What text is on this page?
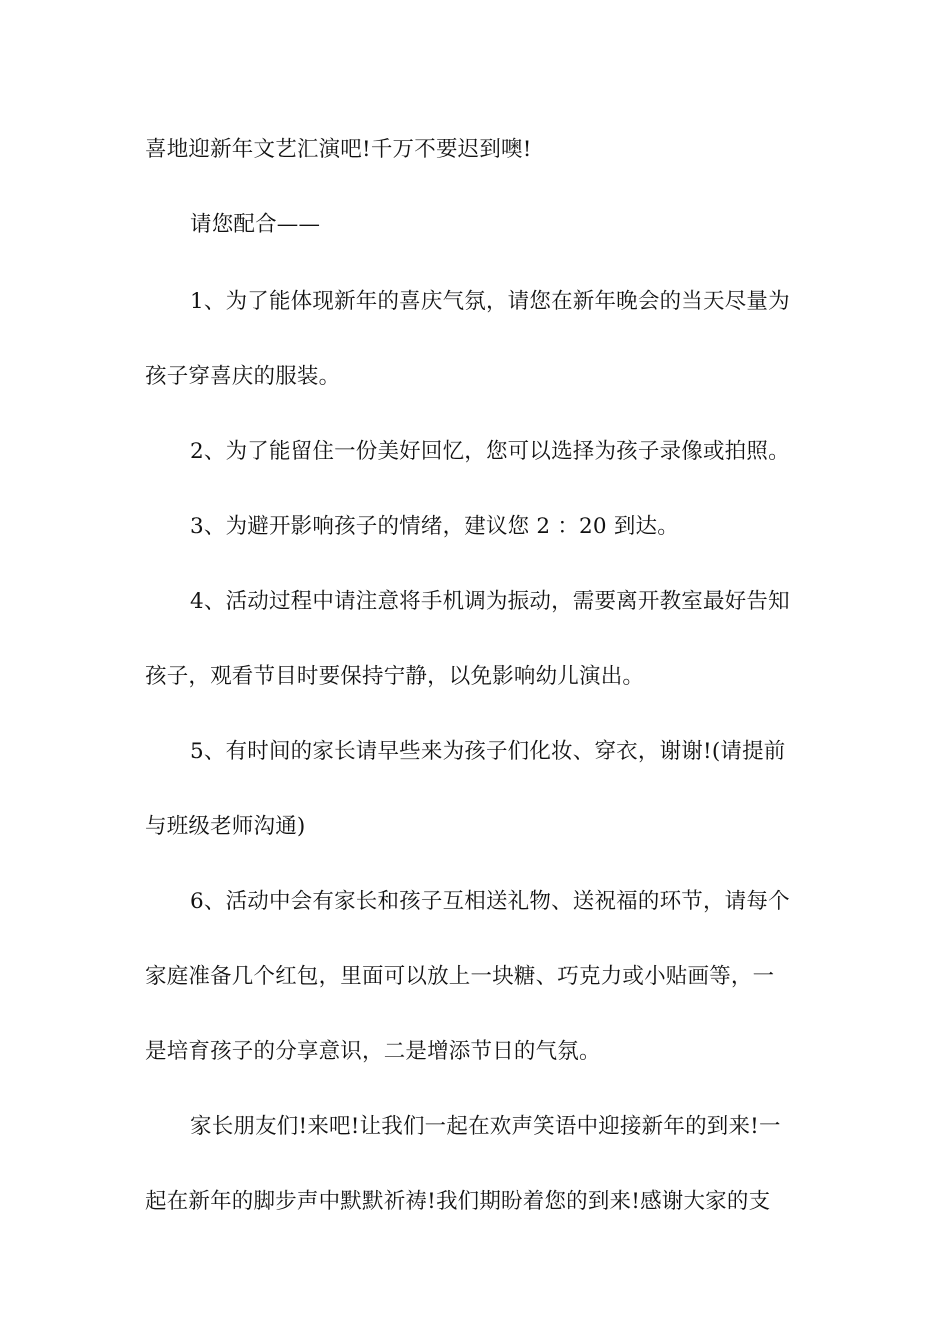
喜地迎新年文艺汇演吧!千万不要迟到噢!
请您配合——
1、为了能体现新年的喜庆气氛，请您在新年晚会的当天尽量为
孩子穿喜庆的服装。
2、为了能留住一份美好回忆，您可以选择为孩子录像或拍照。
3、为避开影响孩子的情绪，建议您 2 ：20 到达。
4、活动过程中请注意将手机调为振动，需要离开教室最好告知
孩子，观看节目时要保持宁静，以免影响幼儿演出。
5、有时间的家长请早些来为孩子们化妆、穿衣，谢谢!(请提前
与班级老师沟通)
6、活动中会有家长和孩子互相送礼物、送祝福的环节，请每个
家庭准备几个红包，里面可以放上一块糖、巧克力或小贴画等，一
是培育孩子的分享意识，二是增添节日的气氛。
家长朋友们!来吧!让我们一起在欢声笑语中迎接新年的到来!一
起在新年的脚步声中默默祈祷!我们期盼着您的到来!感谢大家的支
